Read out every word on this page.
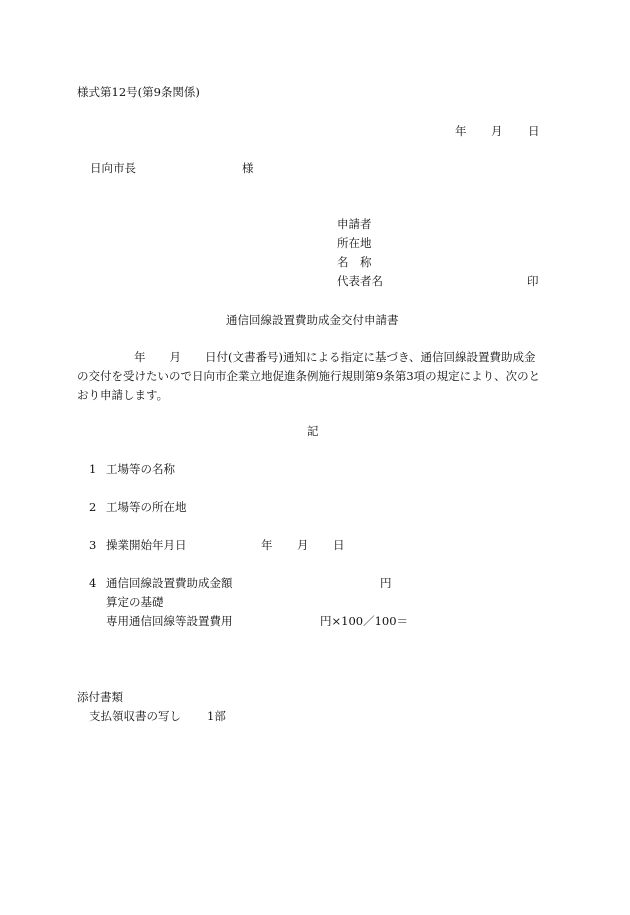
様式第12号(第9条関係)
年 月 日
日向市長	様
申請者
所在地
名　称
代表者名	印
通信回線設置費助成金交付申請書
年 月 日付(文書番号)通知による指定に基づき、通信回線設置費助成金
の交付を受けたいので日向市企業立地促進条例施行規則第9条第3項の規定により、次のと
おり申請します。
記
1 工場等の名称
2 工場等の所在地
3 操業開始年月日	年 月 日
4 通信回線設置費助成金額	円
算定の基礎
専用通信回線等設置費用	円×100／100＝
添付書類
支払領収書の写し 1部
